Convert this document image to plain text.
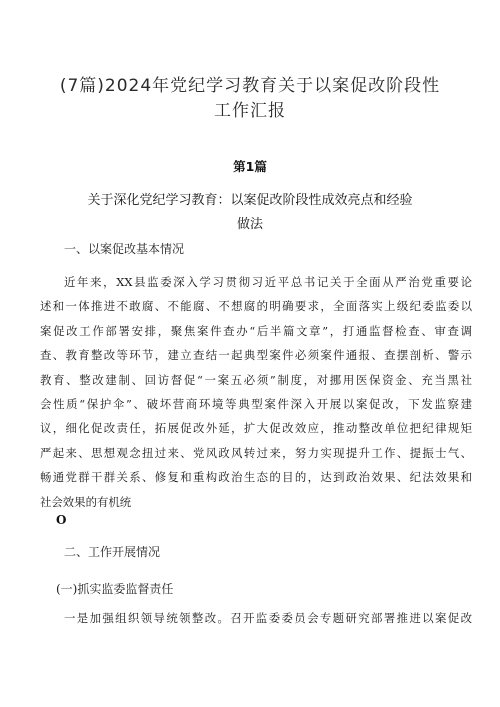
(7篇)2024年党纪学习教育关于以案促改阶段性
工作汇报
第1篇
关于深化党纪学习教育：以案促改阶段性成效亮点和经验
做法
一、以案促改基本情况
近年来，XX县监委深入学习贯彻习近平总书记关于全面从严治党重要论
述和一体推进不敢腐、不能腐、不想腐的明确要求，全面落实上级纪委监委以
案促改工作部署安排，聚焦案件查办“后半篇文章”，打通监督检查、审查调
查、教育整改等环节，建立查结一起典型案件必须案件通报、查摆剖析、警示
教育、整改建制、回访督促“一案五必须”制度，对挪用医保资金、充当黑社
会性质“保护伞”、破坏营商环境等典型案件深入开展以案促改，下发监察建
议，细化促改责任，拓展促改外延，扩大促改效应，推动整改单位把纪律规矩
严起来、思想观念扭过来、党风政风转过来，努力实现提升工作、提振士气、
畅通党群干群关系、修复和重构政治生态的目的，达到政治效果、纪法效果和
社会效果的有机统
O
二、工作开展情况
(一)抓实监委监督责任
一是加强组织领导统领整改。召开监委委员会专题研究部署推进以案促改
